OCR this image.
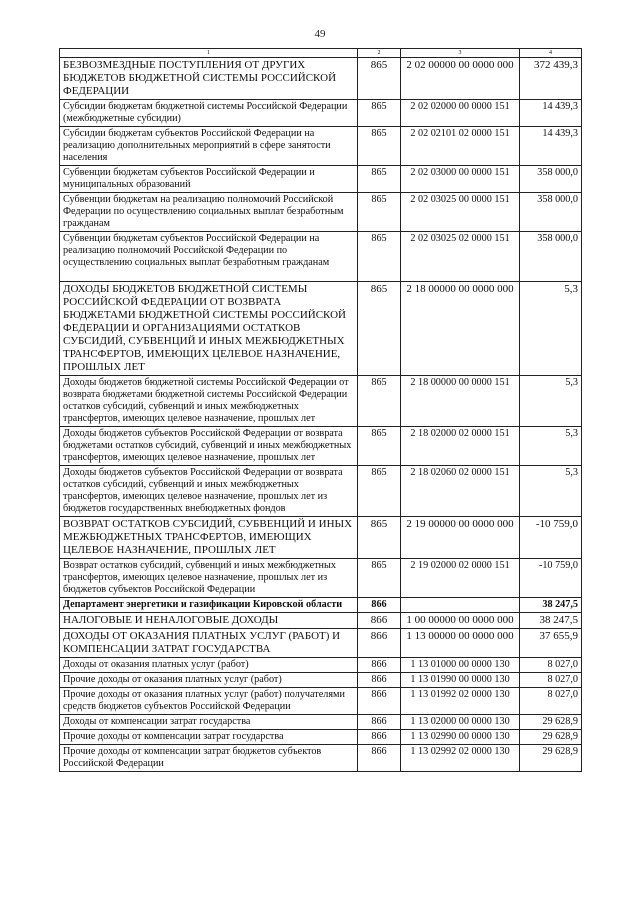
49
1	2	3	4
БЕЗВОЗМЕЗДНЫЕ ПОСТУПЛЕНИЯ ОТ ДРУГИХ БЮДЖЕТОВ БЮДЖЕТНОЙ СИСТЕМЫ РОССИЙСКОЙ ФЕДЕРАЦИИ	865	2 02 00000 00 0000 000	372 439,3
Субсидии бюджетам бюджетной системы Российской Федерации (межбюджетные субсидии)	865	2 02 02000 00 0000 151	14 439,3
Субсидии бюджетам субъектов Российской Федерации на реализацию дополнительных мероприятий в сфере занятости населения	865	2 02 02101 02 0000 151	14 439,3
Субвенции бюджетам субъектов Российской Федерации и муниципальных образований	865	2 02 03000 00 0000 151	358 000,0
Субвенции бюджетам на реализацию полномочий Российской Федерации по осуществлению социальных выплат безработным гражданам	865	2 02 03025 00 0000 151	358 000,0
Субвенции бюджетам субъектов Российской Федерации на реализацию полномочий Российской Федерации по осуществлению социальных выплат безработным гражданам	865	2 02 03025 02 0000 151	358 000,0
ДОХОДЫ БЮДЖЕТОВ БЮДЖЕТНОЙ СИСТЕМЫ РОССИЙСКОЙ ФЕДЕРАЦИИ ОТ ВОЗВРАТА БЮДЖЕТАМИ БЮДЖЕТНОЙ СИСТЕМЫ РОССИЙСКОЙ ФЕДЕРАЦИИ И ОРГАНИЗАЦИЯМИ ОСТАТКОВ СУБСИДИЙ, СУБВЕНЦИЙ И ИНЫХ МЕЖБЮДЖЕТНЫХ ТРАНСФЕРТОВ, ИМЕЮЩИХ ЦЕЛЕВОЕ НАЗНАЧЕНИЕ, ПРОШЛЫХ ЛЕТ	865	2 18 00000 00 0000 000	5,3
Доходы бюджетов бюджетной системы Российской Федерации от возврата бюджетами бюджетной системы Российской Федерации остатков субсидий, субвенций и иных межбюджетных трансфертов, имеющих целевое назначение, прошлых лет	865	2 18 00000 00 0000 151	5,3
Доходы бюджетов субъектов Российской Федерации от возврата бюджетами остатков субсидий, субвенций и иных межбюджетных трансфертов, имеющих целевое назначение, прошлых лет	865	2 18 02000 02 0000 151	5,3
Доходы бюджетов субъектов Российской Федерации от возврата остатков субсидий, субвенций и иных межбюджетных трансфертов, имеющих целевое назначение, прошлых лет из бюджетов государственных внебюджетных фондов	865	2 18 02060 02 0000 151	5,3
ВОЗВРАТ ОСТАТКОВ СУБСИДИЙ, СУБВЕНЦИЙ И ИНЫХ МЕЖБЮДЖЕТНЫХ ТРАНСФЕРТОВ, ИМЕЮЩИХ ЦЕЛЕВОЕ НАЗНАЧЕНИЕ, ПРОШЛЫХ ЛЕТ	865	2 19 00000 00 0000 000	-10 759,0
Возврат остатков субсидий, субвенций и иных межбюджетных трансфертов, имеющих целевое назначение, прошлых лет из бюджетов субъектов Российской Федерации	865	2 19 02000 02 0000 151	-10 759,0
Департамент энергетики и газификации Кировской области	866		38 247,5
НАЛОГОВЫЕ И НЕНАЛОГОВЫЕ ДОХОДЫ	866	1 00 00000 00 0000 000	38 247,5
ДОХОДЫ ОТ ОКАЗАНИЯ ПЛАТНЫХ УСЛУГ (РАБОТ) И КОМПЕНСАЦИИ ЗАТРАТ ГОСУДАРСТВА	866	1 13 00000 00 0000 000	37 655,9
Доходы от оказания платных услуг (работ)	866	1 13 01000 00 0000 130	8 027,0
Прочие доходы от оказания платных услуг (работ)	866	1 13 01990 00 0000 130	8 027,0
Прочие доходы от оказания платных услуг (работ) получателями средств бюджетов субъектов Российской Федерации	866	1 13 01992 02 0000 130	8 027,0
Доходы от компенсации затрат государства	866	1 13 02000 00 0000 130	29 628,9
Прочие доходы от компенсации затрат государства	866	1 13 02990 00 0000 130	29 628,9
Прочие доходы от компенсации затрат бюджетов субъектов Российской Федерации	866	1 13 02992 02 0000 130	29 628,9
